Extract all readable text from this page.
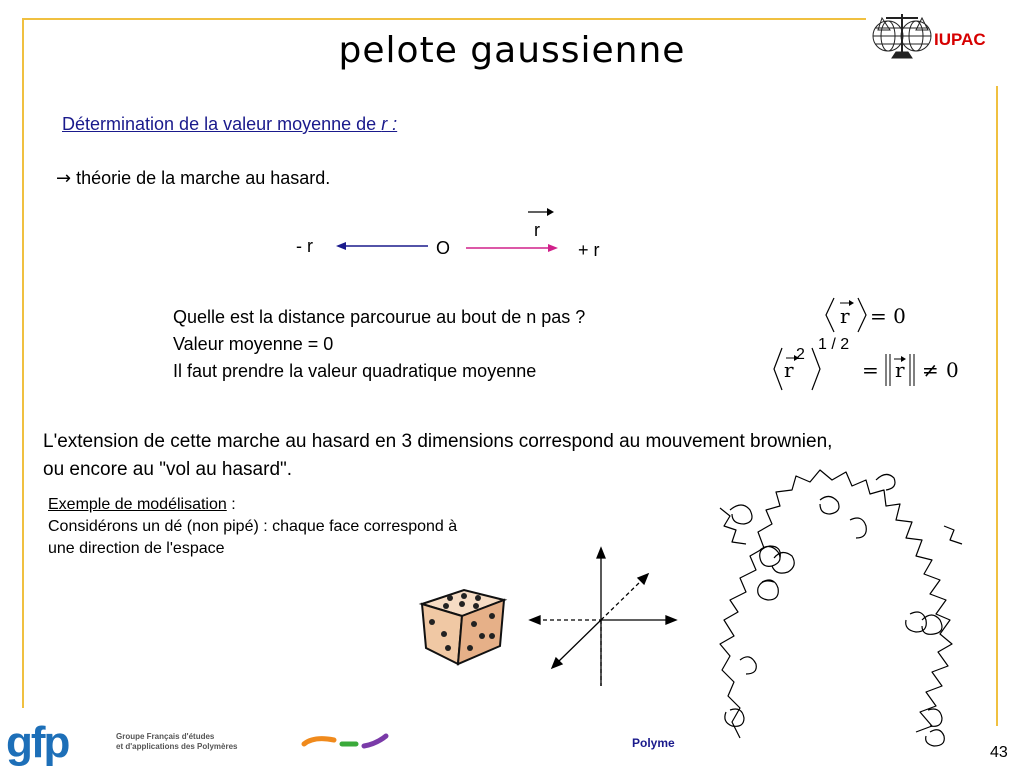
pelote gaussienne	IUPAC
Détermination de la valeur moyenne de r :
→ théorie de la marche au hasard.
- r	O
r
+ r
Quelle est la distance parcourue au bout de n pas ?
Valeur moyenne = 0
Il faut prendre la valeur quadratique moyenne
r = 0
r
2
1 / 2
= r ≠ 0
L'extension de cette marche au hasard en 3 dimensions correspond au mouvement brownien,
ou encore au "vol au hasard".
Exemple de modélisation :
Considérons un dé (non pipé) : chaque face correspond à
une direction de l'espace
gfp	Groupe Français d'études
et d'applications des Polymères	Polyme
43
